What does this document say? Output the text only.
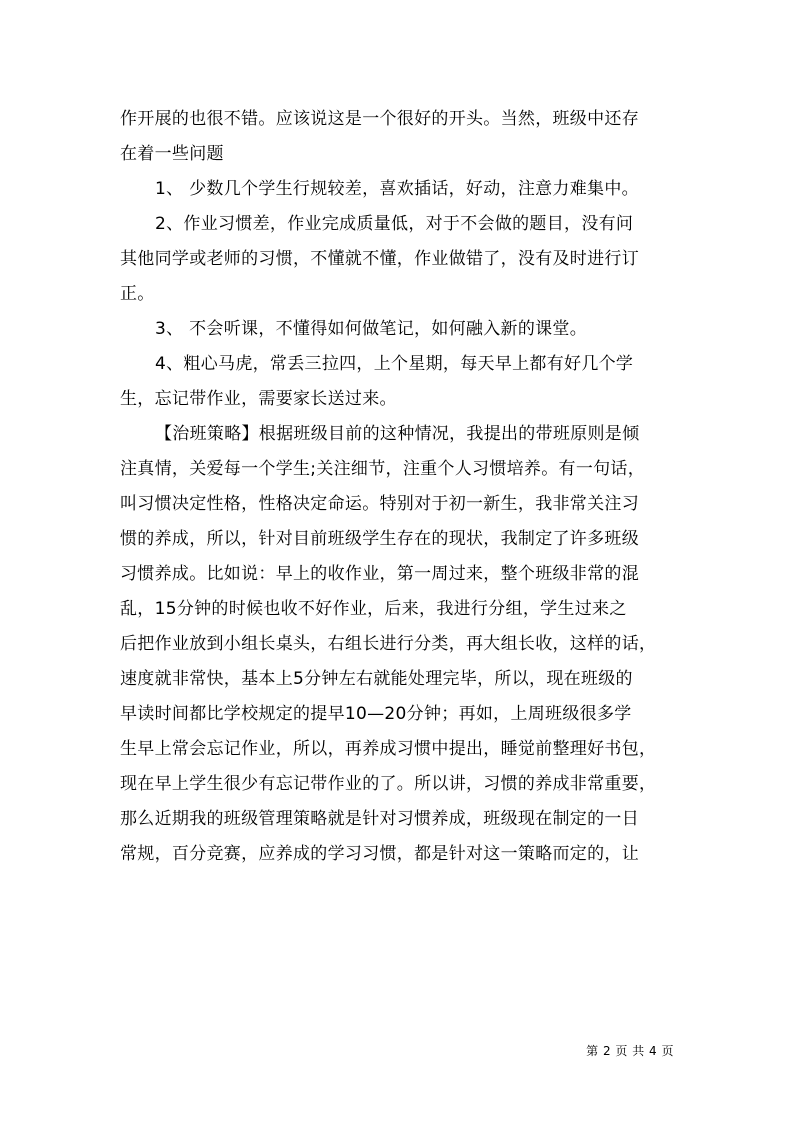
作开展的也很不错。应该说这是一个很好的开头。当然，班级中还存

在着一些问题

1、 少数几个学生行规较差，喜欢插话，好动，注意力难集中。

2、作业习惯差，作业完成质量低，对于不会做的题目，没有问

其他同学或老师的习惯，不懂就不懂，作业做错了，没有及时进行订

正。

3、 不会听课，不懂得如何做笔记，如何融入新的课堂。

4、粗心马虎，常丢三拉四，上个星期，每天早上都有好几个学

生，忘记带作业，需要家长送过来。

【治班策略】根据班级目前的这种情况，我提出的带班原则是倾

注真情，关爱每一个学生;关注细节，注重个人习惯培养。有一句话，

叫习惯决定性格，性格决定命运。特别对于初一新生，我非常关注习

惯的养成，所以，针对目前班级学生存在的现状，我制定了许多班级

习惯养成。比如说：早上的收作业，第一周过来，整个班级非常的混

乱，15分钟的时候也收不好作业，后来，我进行分组，学生过来之

后把作业放到小组长桌头，右组长进行分类，再大组长收，这样的话，

速度就非常快，基本上5分钟左右就能处理完毕，所以，现在班级的

早读时间都比学校规定的提早10—20分钟；再如，上周班级很多学

生早上常会忘记作业，所以，再养成习惯中提出，睡觉前整理好书包，

现在早上学生很少有忘记带作业的了。所以讲，习惯的养成非常重要，

那么近期我的班级管理策略就是针对习惯养成，班级现在制定的一日

常规，百分竞赛，应养成的学习习惯，都是针对这一策略而定的，让

第 2 页 共 4 页
